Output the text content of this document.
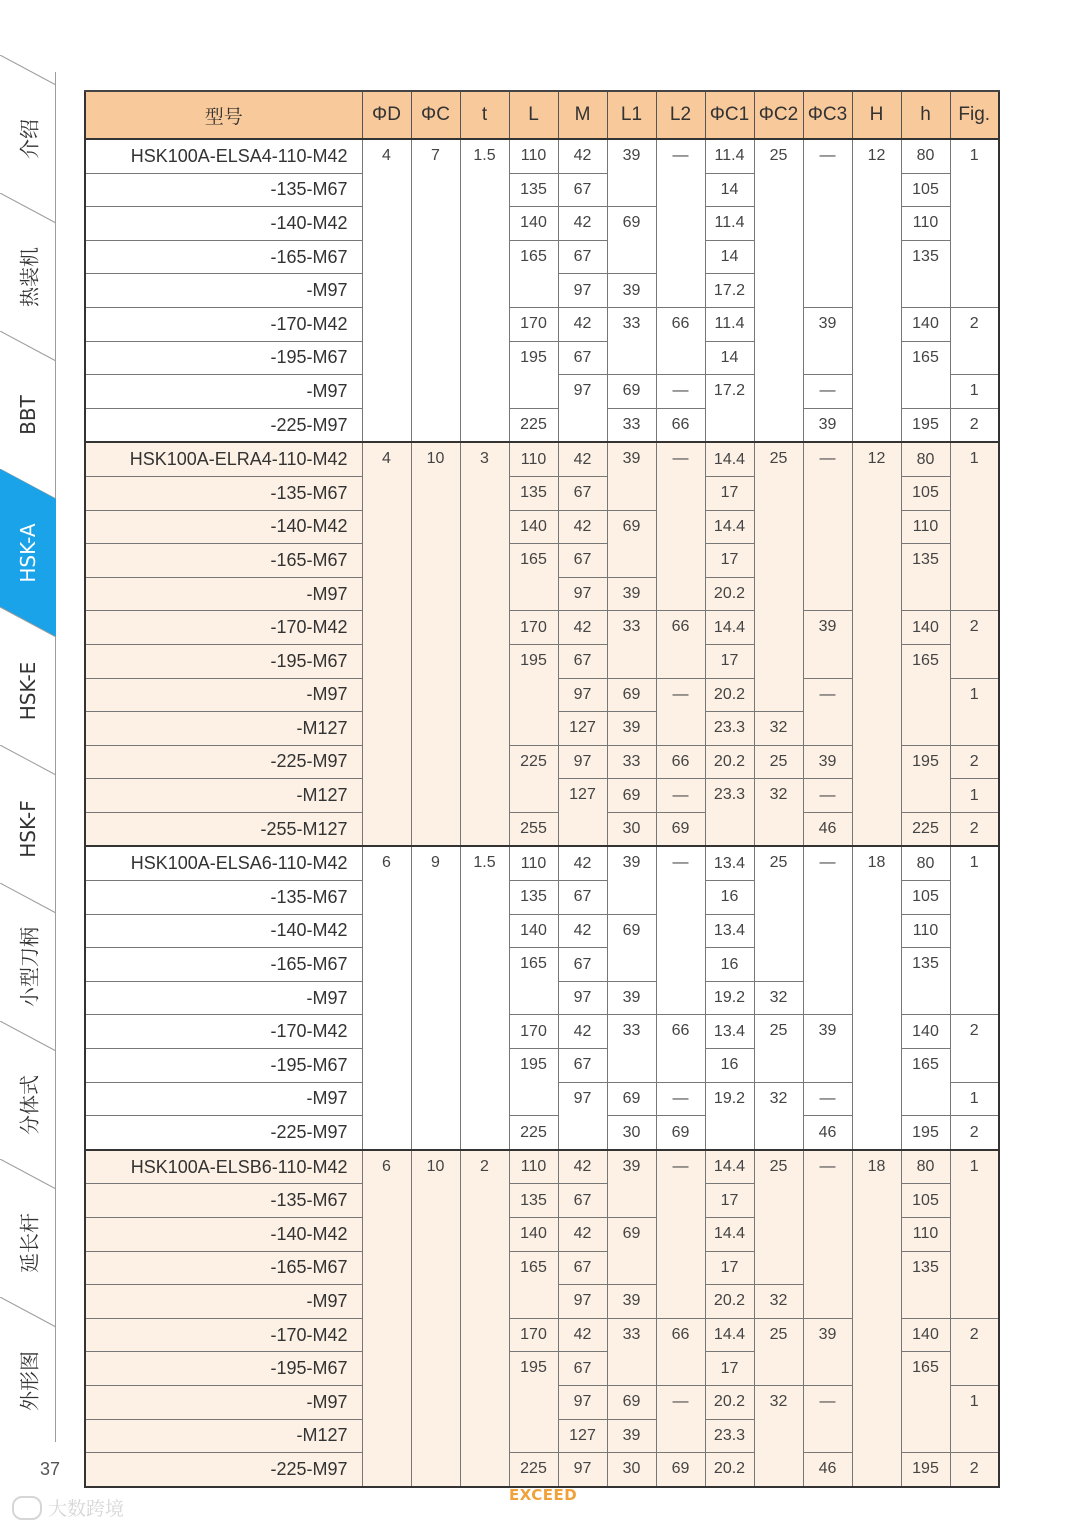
介绍
热装机
BBT
HSK-A
HSK-E
HSK-F
小型刀柄
分体式
延长杆
外形图
型号	ΦD	ΦC	t	L	M	L1	L2	ΦC1	ΦC2	ΦC3	H	h	Fig.
HSK100A-ELSA4-110-M42	4	7	1.5	110	42	39	—	11.4	25	—	12	80	1
-135-M67				135	67			14				105	
-140-M42				140	42	69		11.4				110	
-165-M67				165	67			14				135	
-M97					97	39		17.2					
-170-M42				170	42	33	66	11.4		39		140	2
-195-M67				195	67			14				165	
-M97					97	69	—	17.2		—			1
-225-M97				225		33	66			39		195	2
HSK100A-ELRA4-110-M42	4	10	3	110	42	39	—	14.4	25	—	12	80	1
-135-M67				135	67			17				105	
-140-M42				140	42	69		14.4				110	
-165-M67				165	67			17				135	
-M97					97	39		20.2					
-170-M42				170	42	33	66	14.4		39		140	2
-195-M67				195	67			17				165	
-M97					97	69	—	20.2		—			1
-M127					127	39		23.3	32				
-225-M97				225	97	33	66	20.2	25	39		195	2
-M127					127	69	—	23.3	32	—			1
-255-M127				255		30	69			46		225	2
HSK100A-ELSA6-110-M42	6	9	1.5	110	42	39	—	13.4	25	—	18	80	1
-135-M67				135	67			16				105	
-140-M42				140	42	69		13.4				110	
-165-M67				165	67			16				135	
-M97					97	39		19.2	32				
-170-M42				170	42	33	66	13.4	25	39		140	2
-195-M67				195	67			16				165	
-M97					97	69	—	19.2	32	—			1
-225-M97				225		30	69			46		195	2
HSK100A-ELSB6-110-M42	6	10	2	110	42	39	—	14.4	25	—	18	80	1
-135-M67				135	67			17				105	
-140-M42				140	42	69		14.4				110	
-165-M67				165	67			17				135	
-M97					97	39		20.2	32				
-170-M42				170	42	33	66	14.4	25	39		140	2
-195-M67				195	67			17				165	
-M97					97	69	—	20.2	32	—			1
-M127					127	39		23.3					
-225-M97				225	97	30	69	20.2		46		195	2
37
EXCEED
大数跨境
